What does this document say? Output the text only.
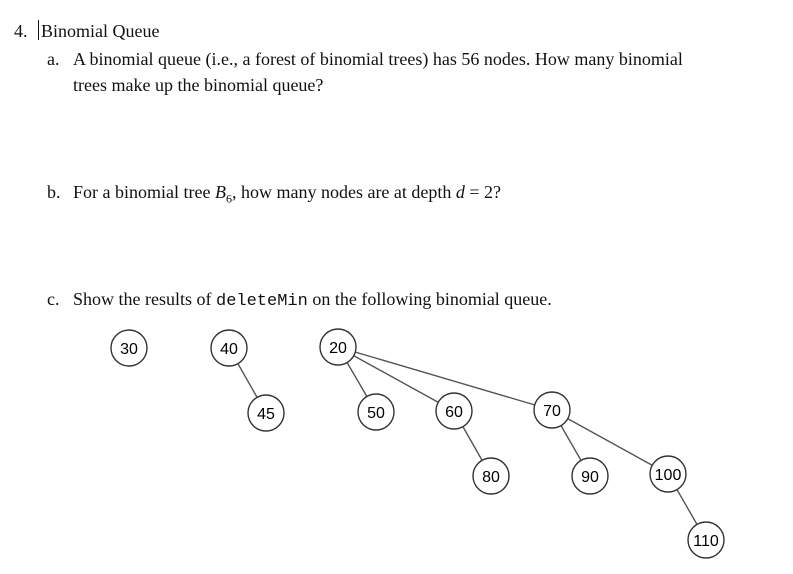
4. Binomial Queue
a. A binomial queue (i.e., a forest of binomial trees) has 56 nodes. How many binomial
trees make up the binomial queue?
b. For a binomial tree $B_6$, how many nodes are at depth d = 2?
c. Show the results of deleteMin on the following binomial queue.
30	40
45
20
50	60	70
80	90	100
110
